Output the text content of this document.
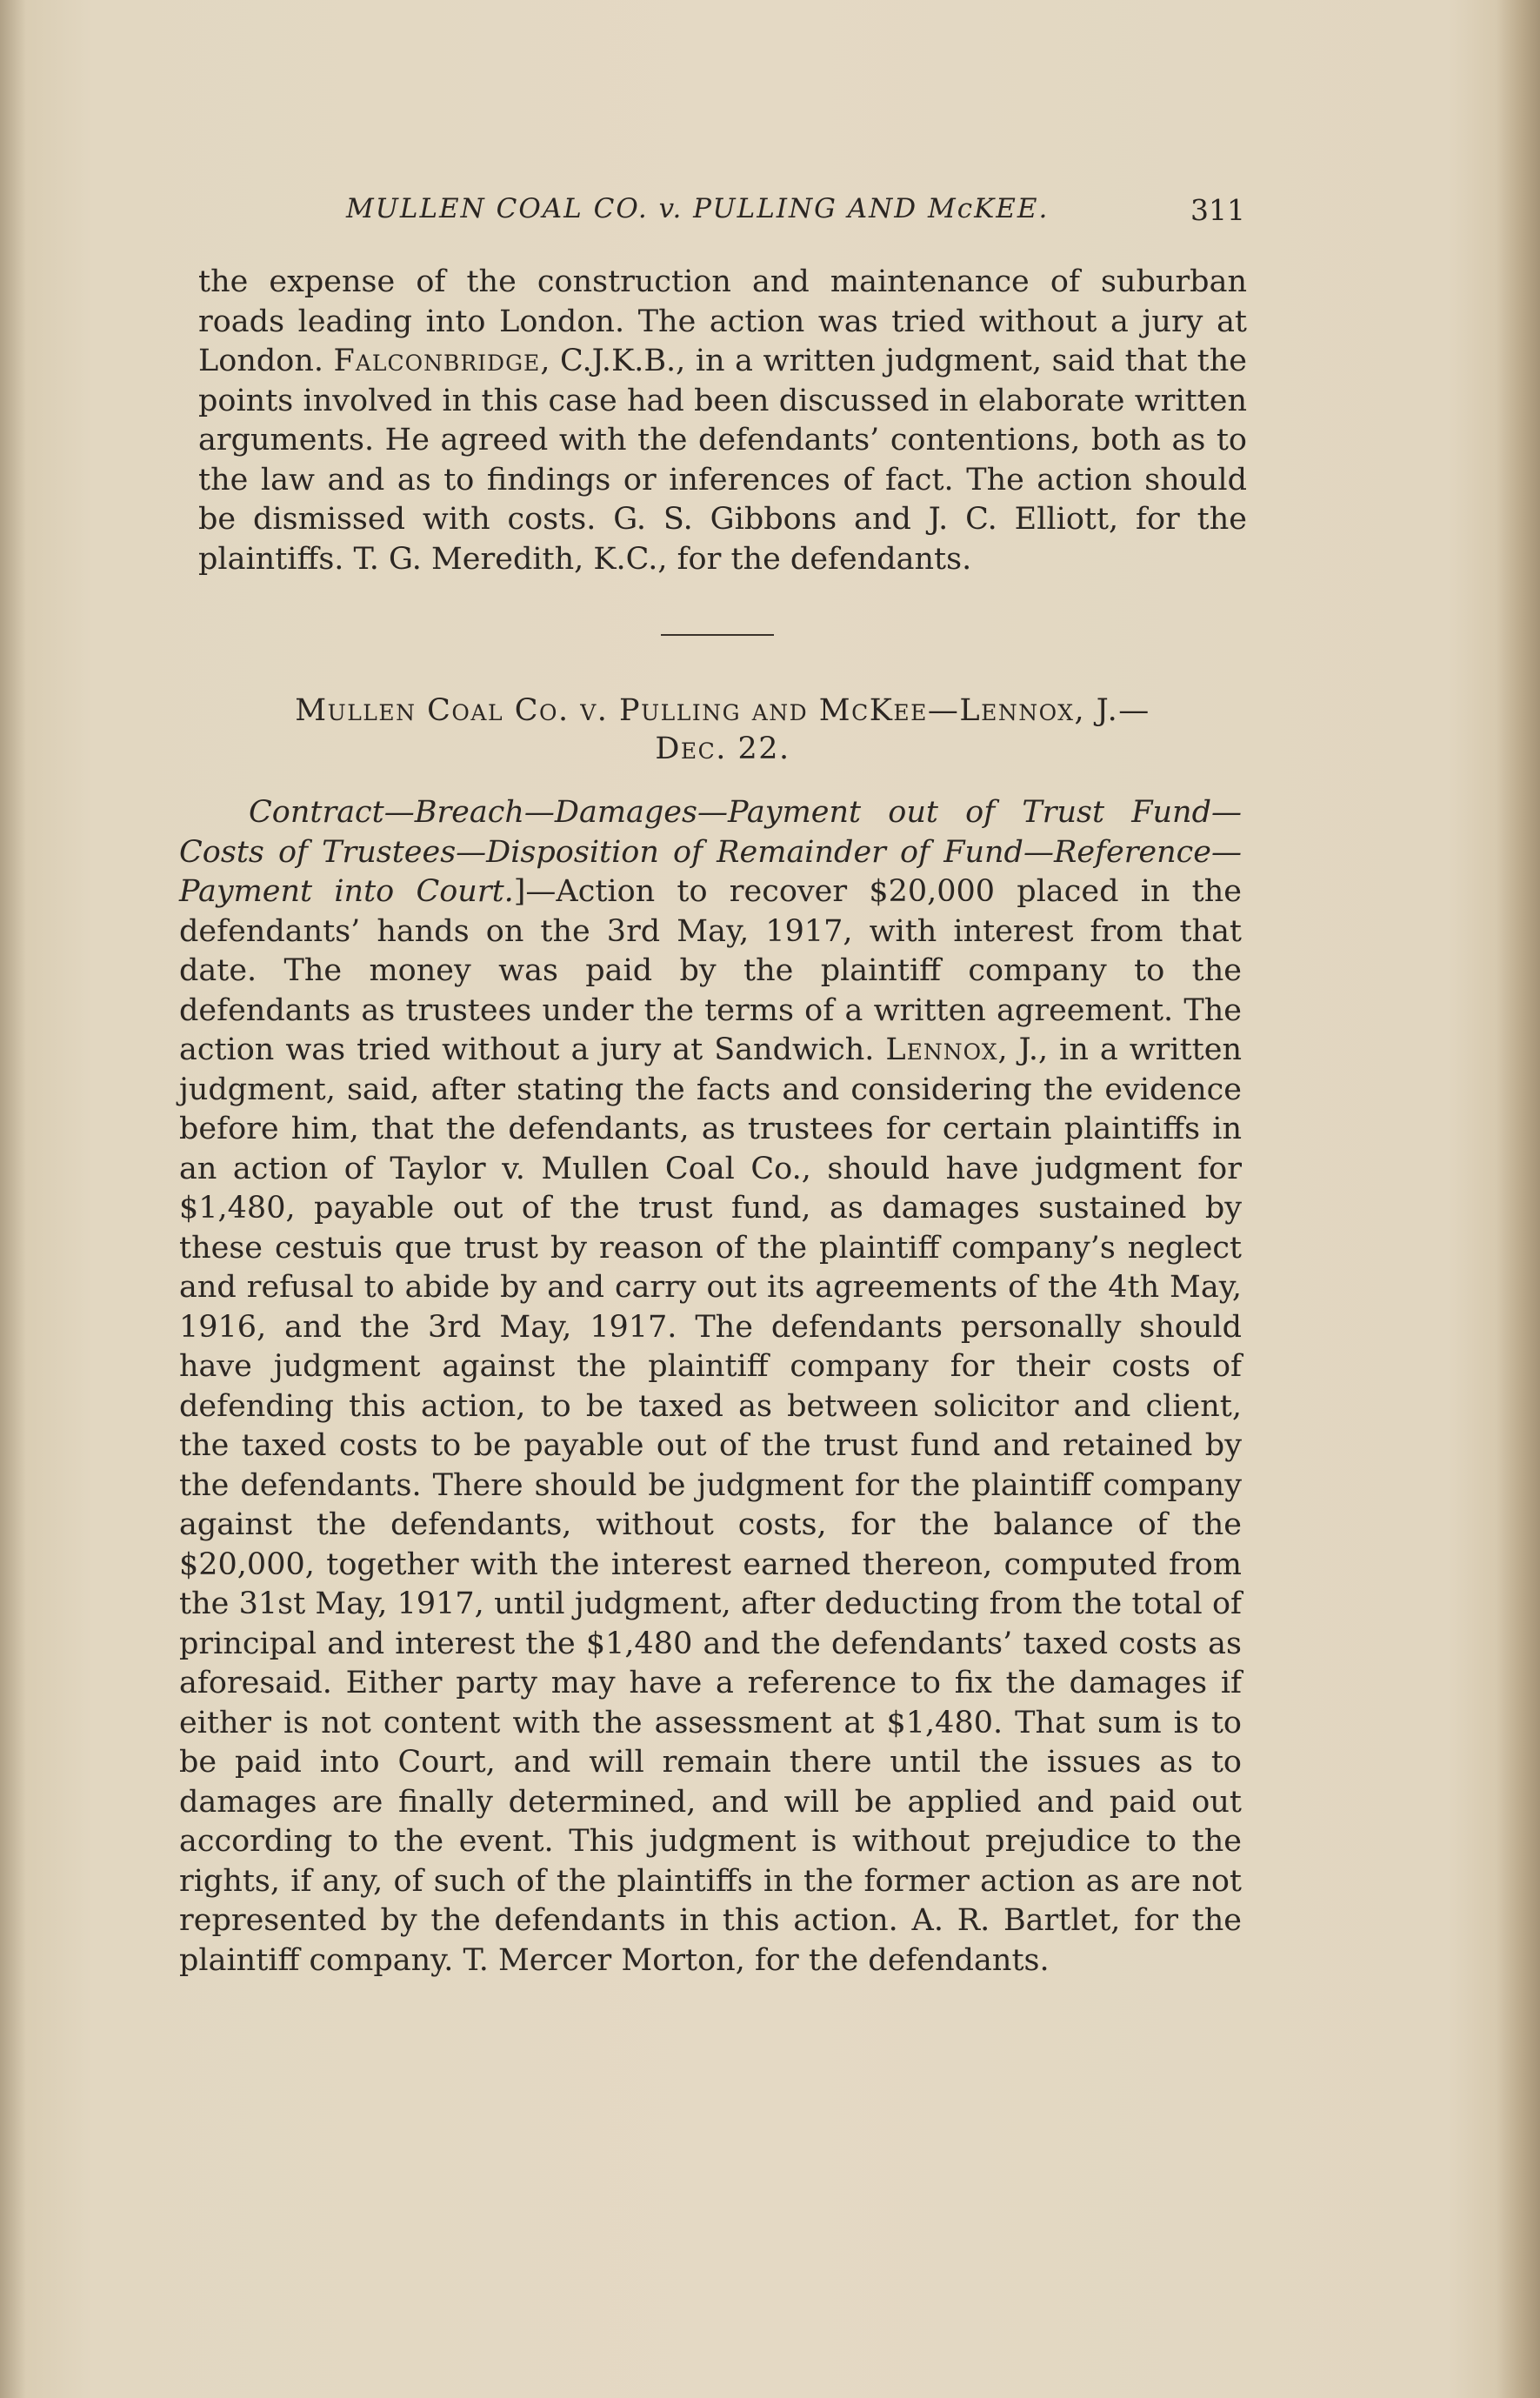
MULLEN COAL CO. v. PULLING AND McKEE.	311

the expense of the construction and maintenance of suburban roads leading into London. The action was tried without a jury at London. Falconbridge, C.J.K.B., in a written judgment, said that the points involved in this case had been discussed in elaborate written arguments. He agreed with the defendants’ contentions, both as to the law and as to findings or inferences of fact. The action should be dismissed with costs. G. S. Gibbons and J. C. Elliott, for the plaintiffs. T. G. Meredith, K.C., for the defendants.

Mullen Coal Co. v. Pulling and McKee—Lennox, J.—
Dec. 22.

Contract—Breach—Damages—Payment out of Trust Fund—Costs of Trustees—Disposition of Remainder of Fund—Reference—Payment into Court.]—Action to recover $20,000 placed in the defendants’ hands on the 3rd May, 1917, with interest from that date. The money was paid by the plaintiff company to the defendants as trustees under the terms of a written agreement. The action was tried without a jury at Sandwich. Lennox, J., in a written judgment, said, after stating the facts and considering the evidence before him, that the defendants, as trustees for certain plaintiffs in an action of Taylor v. Mullen Coal Co., should have judgment for $1,480, payable out of the trust fund, as damages sustained by these cestuis que trust by reason of the plaintiff company’s neglect and refusal to abide by and carry out its agreements of the 4th May, 1916, and the 3rd May, 1917. The defendants personally should have judgment against the plaintiff company for their costs of defending this action, to be taxed as between solicitor and client, the taxed costs to be payable out of the trust fund and retained by the defendants. There should be judgment for the plaintiff company against the defendants, without costs, for the balance of the $20,000, together with the interest earned thereon, computed from the 31st May, 1917, until judgment, after deducting from the total of principal and interest the $1,480 and the defendants’ taxed costs as aforesaid. Either party may have a reference to fix the damages if either is not content with the assessment at $1,480. That sum is to be paid into Court, and will remain there until the issues as to damages are finally determined, and will be applied and paid out according to the event. This judgment is without prejudice to the rights, if any, of such of the plaintiffs in the former action as are not represented by the defendants in this action. A. R. Bartlet, for the plaintiff company. T. Mercer Morton, for the defendants.
